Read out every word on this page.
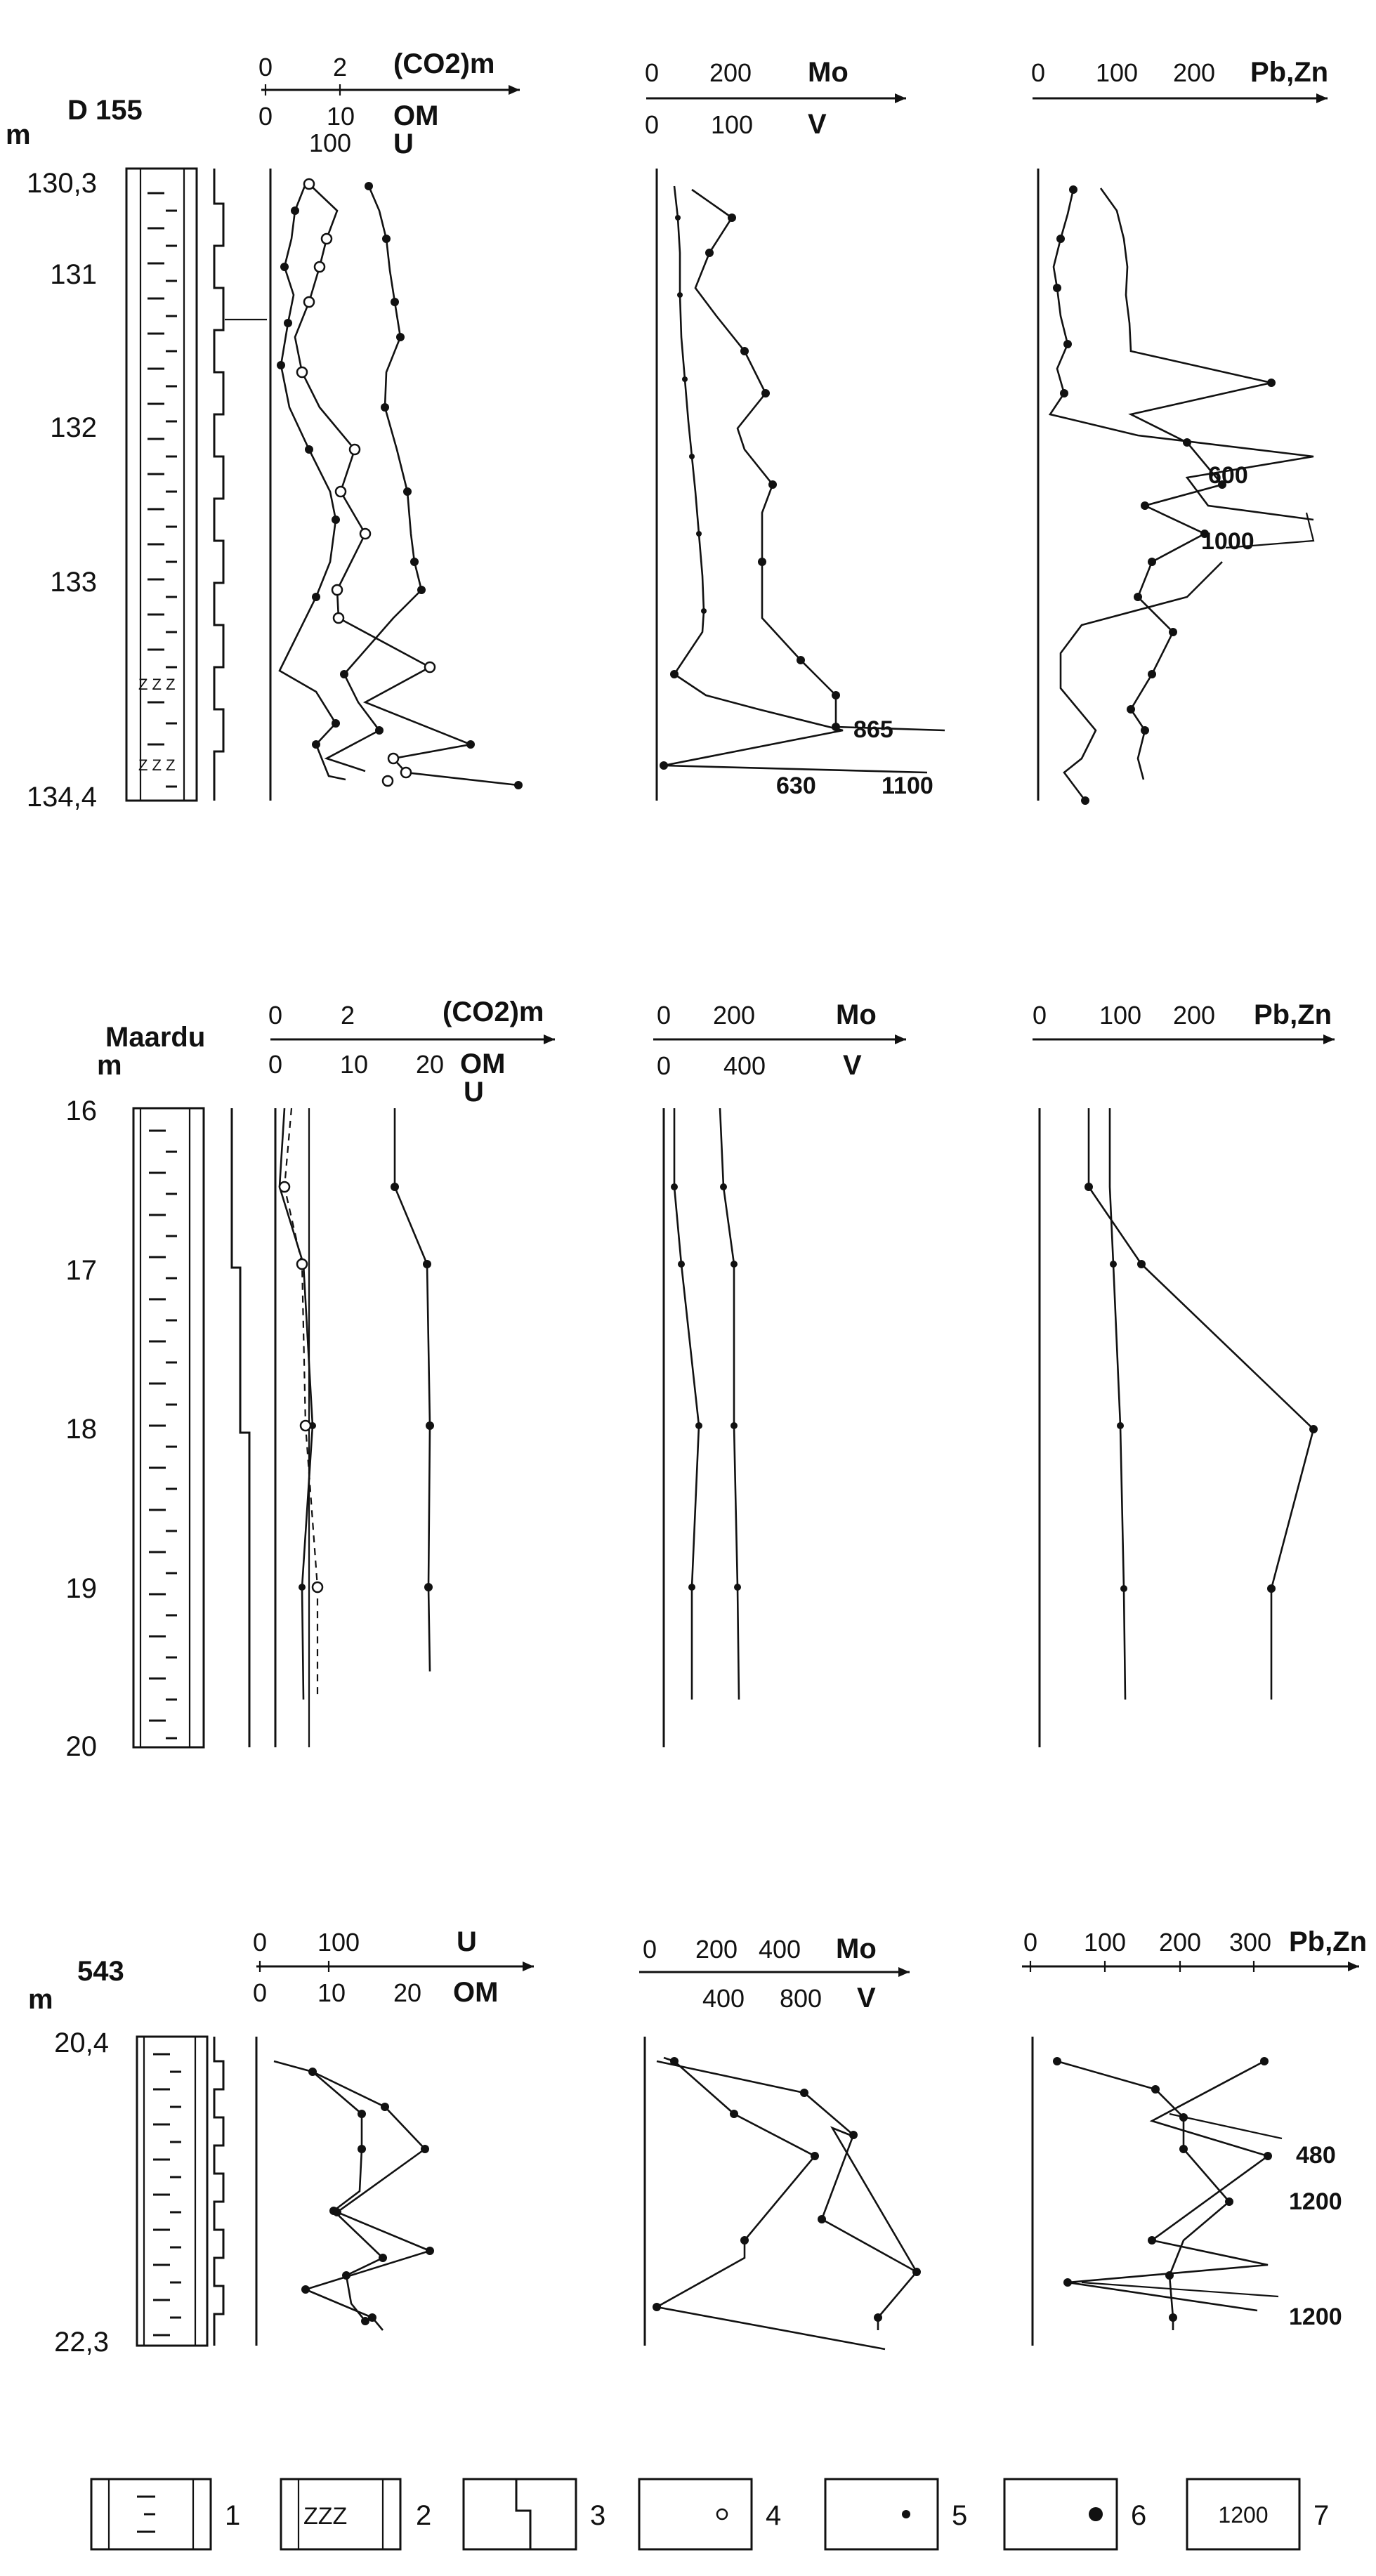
D 155
m
130,3
131
132
133
134,4
Z Z Z
Z Z Z
0 2 (CO2)m
0 10 OM
100 U
0 200 Mo
0 100 V
0 100 200 Pb,Zn
865
630	1100
600
1000
Maardu
m
16
17
18
19
20
0 2	(CO2)m
0 10 20 OM
U
0 200	Mo
0 400	V
0 100 200 Pb,Zn
543
m
20,4
22,3
0 100	U
0 10 20 OM
200 400
0	Mo
400 800 V
0 100 200 300 Pb,Zn
480
1200
1200
1	ZZZ 2	3	4	5	6	1200 7
